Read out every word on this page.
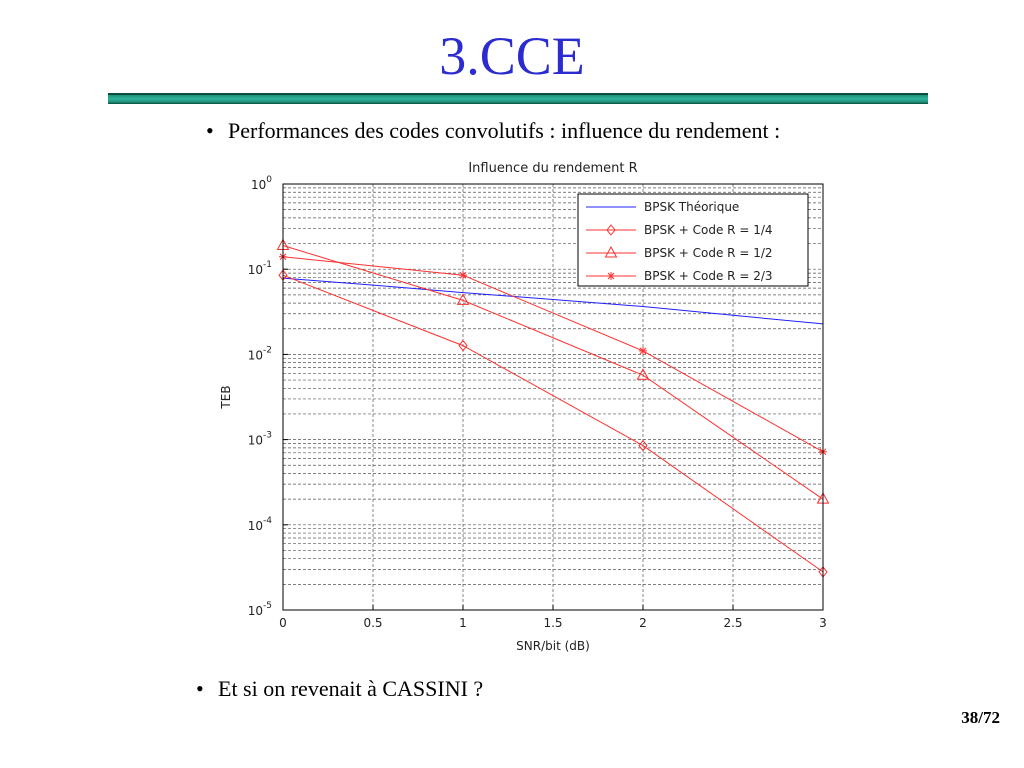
3.CCE
• Performances des codes convolutifs : influence du rendement :
0	0.5	1	1.5	2	2.5	3
$10^0$
$10^{-1}$
$10^{-2}$
$10^{-3}$
$10^{-4}$
$10^{-5}$
Influence du rendement R
SNR/bit (dB)
TEB
BPSK Théorique
BPSK + Code R = 1/4
BPSK + Code R = 1/2
BPSK + Code R = 2/3
• Et si on revenait à CASSINI ?
38/72
